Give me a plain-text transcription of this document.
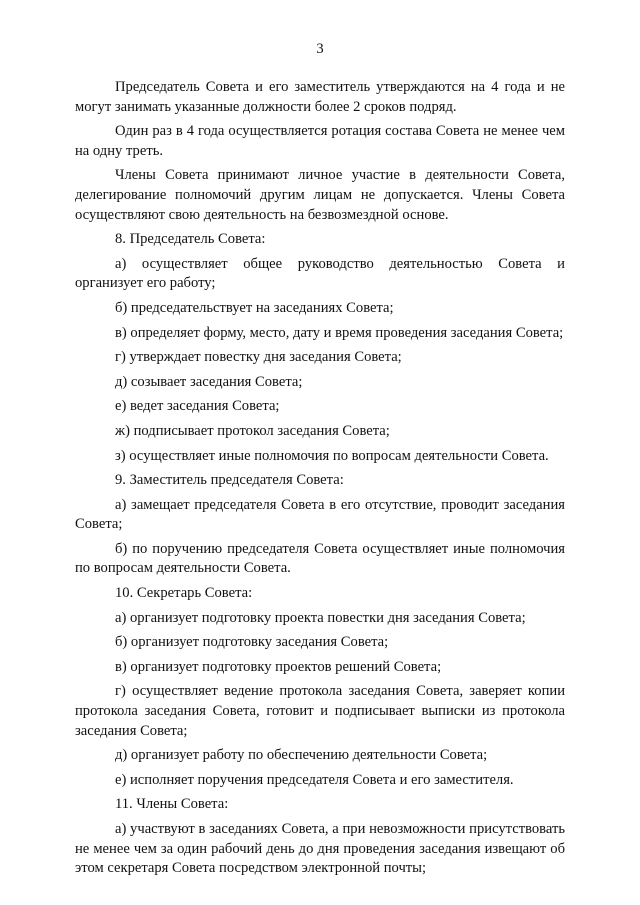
3

Председатель Совета и его заместитель утверждаются на 4 года и не могут занимать указанные должности более 2 сроков подряд.

Один раз в 4 года осуществляется ротация состава Совета не менее чем на одну треть.

Члены Совета принимают личное участие в деятельности Совета, делегирование полномочий другим лицам не допускается. Члены Совета осуществляют свою деятельность на безвозмездной основе.

8. Председатель Совета:

а) осуществляет общее руководство деятельностью Совета и организует его работу;

б) председательствует на заседаниях Совета;

в) определяет форму, место, дату и время проведения заседания Совета;

г) утверждает повестку дня заседания Совета;

д) созывает заседания Совета;

е) ведет заседания Совета;

ж) подписывает протокол заседания Совета;

з) осуществляет иные полномочия по вопросам деятельности Совета.

9. Заместитель председателя Совета:

а) замещает председателя Совета в его отсутствие, проводит заседания Совета;

б) по поручению председателя Совета осуществляет иные полномочия по вопросам деятельности Совета.

10. Секретарь Совета:

а) организует подготовку проекта повестки дня заседания Совета;

б) организует подготовку заседания Совета;

в) организует подготовку проектов решений Совета;

г) осуществляет ведение протокола заседания Совета, заверяет копии протокола заседания Совета, готовит и подписывает выписки из протокола заседания Совета;

д) организует работу по обеспечению деятельности Совета;

е) исполняет поручения председателя Совета и его заместителя.

11. Члены Совета:

а) участвуют в заседаниях Совета, а при невозможности присутствовать не менее чем за один рабочий день до дня проведения заседания извещают об этом секретаря Совета посредством электронной почты;
